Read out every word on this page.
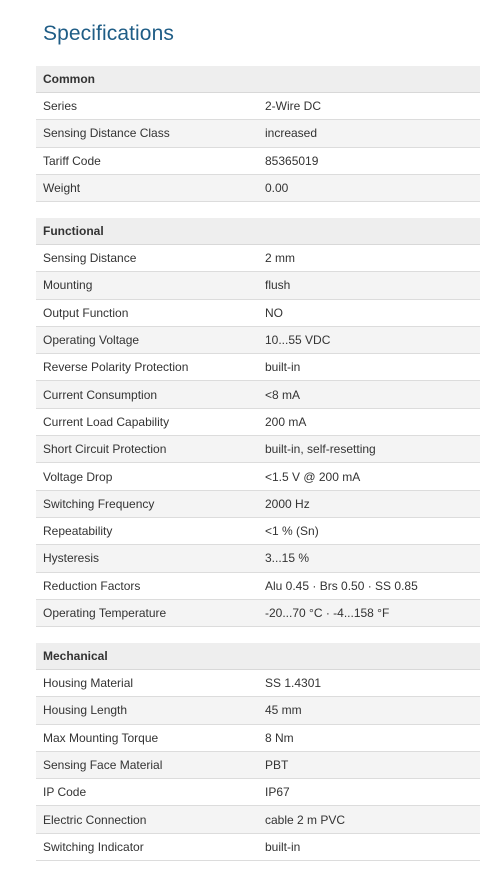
Specifications
Common	
Series	2-Wire DC
Sensing Distance Class	increased
Tariff Code	85365019
Weight	0.00
Functional	
Sensing Distance	2 mm
Mounting	flush
Output Function	NO
Operating Voltage	10...55 VDC
Reverse Polarity Protection	built-in
Current Consumption	<8 mA
Current Load Capability	200 mA
Short Circuit Protection	built-in, self-resetting
Voltage Drop	<1.5 V @ 200 mA
Switching Frequency	2000 Hz
Repeatability	<1 % (Sn)
Hysteresis	3...15 %
Reduction Factors	Alu 0.45 · Brs 0.50 · SS 0.85
Operating Temperature	-20...70 °C · -4...158 °F
Mechanical	
Housing Material	SS 1.4301
Housing Length	45 mm
Max Mounting Torque	8 Nm
Sensing Face Material	PBT
IP Code	IP67
Electric Connection	cable 2 m PVC
Switching Indicator	built-in
